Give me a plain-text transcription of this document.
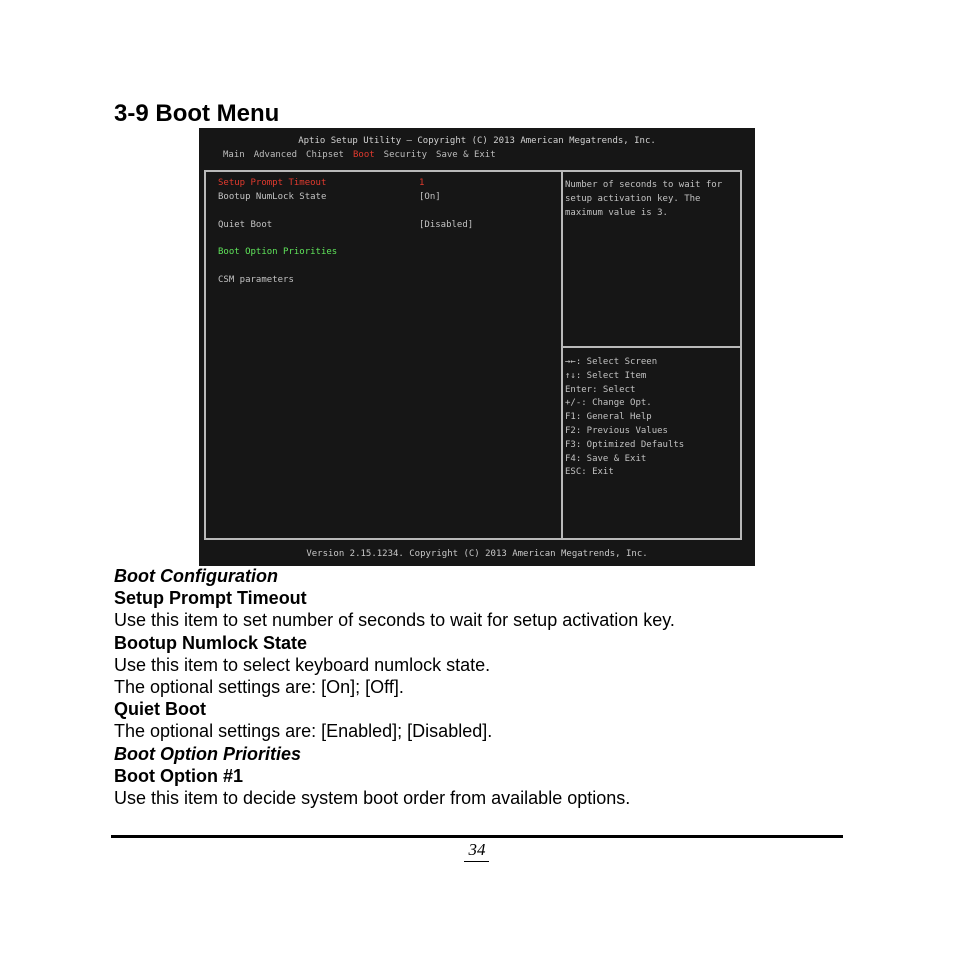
3-9 Boot Menu
Aptio Setup Utility – Copyright (C) 2013 American Megatrends, Inc.
Main Advanced Chipset Boot Security Save & Exit
Setup Prompt Timeout	1
Bootup NumLock State	[On]
Quiet Boot	[Disabled]
Boot Option Priorities
CSM parameters
Number of seconds to wait for setup activation key. The maximum value is 3.
→←: Select Screen
↑↓: Select Item
Enter: Select
+/-: Change Opt.
F1: General Help
F2: Previous Values
F3: Optimized Defaults
F4: Save & Exit
ESC: Exit
Version 2.15.1234. Copyright (C) 2013 American Megatrends, Inc.
Boot Configuration
Setup Prompt Timeout
Use this item to set number of seconds to wait for setup activation key.
Bootup Numlock State
Use this item to select keyboard numlock state.
The optional settings are: [On]; [Off].
Quiet Boot
The optional settings are: [Enabled]; [Disabled].
Boot Option Priorities
Boot Option #1
Use this item to decide system boot order from available options.
34
